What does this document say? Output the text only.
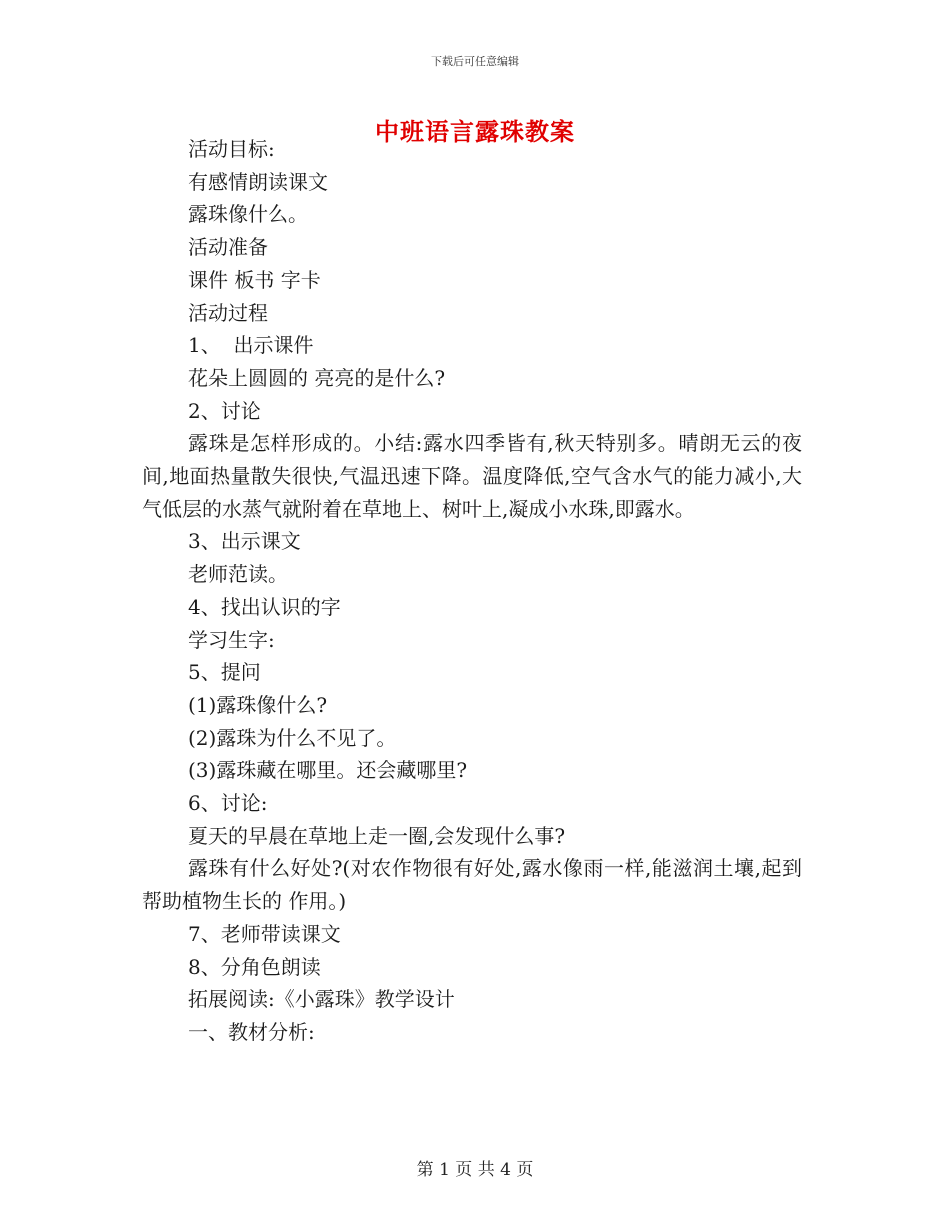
下载后可任意编辑
中班语言露珠教案

活动目标:

有感情朗读课文

露珠像什么。

活动准备

课件 板书 字卡

活动过程

1、  出示课件

花朵上圆圆的 亮亮的是什么?

2、讨论

露珠是怎样形成的。小结:露水四季皆有,秋天特别多。晴朗无云的夜间,地面热量散失很快,气温迅速下降。温度降低,空气含水气的能力减小,大气低层的水蒸气就附着在草地上、树叶上,凝成小水珠,即露水。

3、出示课文

老师范读。

4、找出认识的字

学习生字:

5、提问

(1)露珠像什么?

(2)露珠为什么不见了。

(3)露珠藏在哪里。还会藏哪里?

6、讨论:

夏天的早晨在草地上走一圈,会发现什么事?

露珠有什么好处?(对农作物很有好处,露水像雨一样,能滋润土壤,起到帮助植物生长的 作用。)

7、老师带读课文

8、分角色朗读

拓展阅读:《小露珠》教学设计

一、教材分析:

第 1 页 共 4 页
